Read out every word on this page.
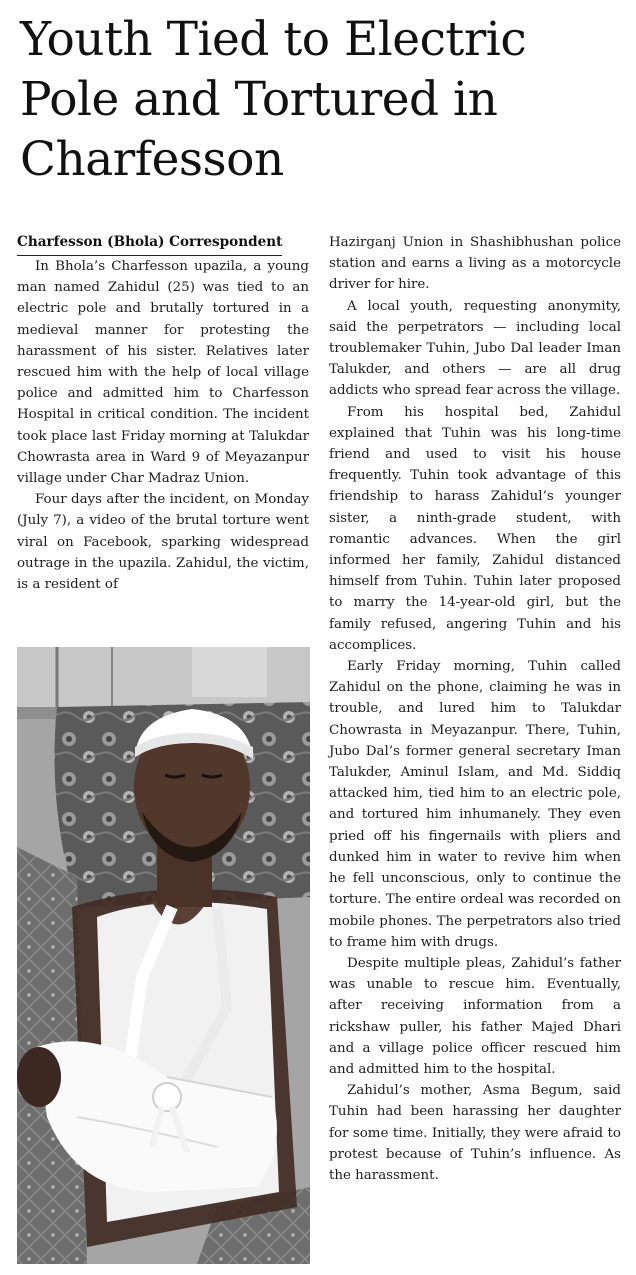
Youth Tied to Electric Pole and Tortured in Charfesson
Charfesson (Bhola) Correspondent

In Bhola’s Charfesson upazila, a young man named Zahidul (25) was tied to an electric pole and brutally tortured in a medieval manner for protesting the harassment of his sister. Relatives later rescued him with the help of local village police and admitted him to Charfesson Hospital in critical condition. The incident took place last Friday morning at Talukdar Chowrasta area in Ward 9 of Meyazanpur village under Char Madraz Union.

Four days after the incident, on Monday (July 7), a video of the brutal torture went viral on Facebook, sparking widespread outrage in the upazila. Zahidul, the victim, is a resident of

Hazirganj Union in Shashibhushan police station and earns a living as a motorcycle driver for hire.

A local youth, requesting anonymity, said the perpetrators — including local troublemaker Tuhin, Jubo Dal leader Iman Talukder, and others — are all drug addicts who spread fear across the village.

From his hospital bed, Zahidul explained that Tuhin was his long-time friend and used to visit his house frequently. Tuhin took advantage of this friendship to harass Zahidul’s younger sister, a ninth-grade student, with romantic advances. When the girl informed her family, Zahidul distanced himself from Tuhin. Tuhin later proposed to marry the 14-year-old girl, but the family refused, angering Tuhin and his accomplices.

Early Friday morning, Tuhin called Zahidul on the phone, claiming he was in trouble, and lured him to Talukdar Chowrasta in Meyazanpur. There, Tuhin, Jubo Dal’s former general secretary Iman Talukder, Aminul Islam, and Md. Siddiq attacked him, tied him to an electric pole, and tortured him inhumanely. They even pried off his fingernails with pliers and dunked him in water to revive him when he fell unconscious, only to continue the torture. The entire ordeal was recorded on mobile phones. The perpetrators also tried to frame him with drugs.

Despite multiple pleas, Zahidul’s father was unable to rescue him. Eventually, after receiving information from a rickshaw puller, his father Majed Dhari and a village police officer rescued him and admitted him to the hospital.

Zahidul’s mother, Asma Begum, said Tuhin had been harassing her daughter for some time. Initially, they were afraid to protest because of Tuhin’s influence. As the harassment.
